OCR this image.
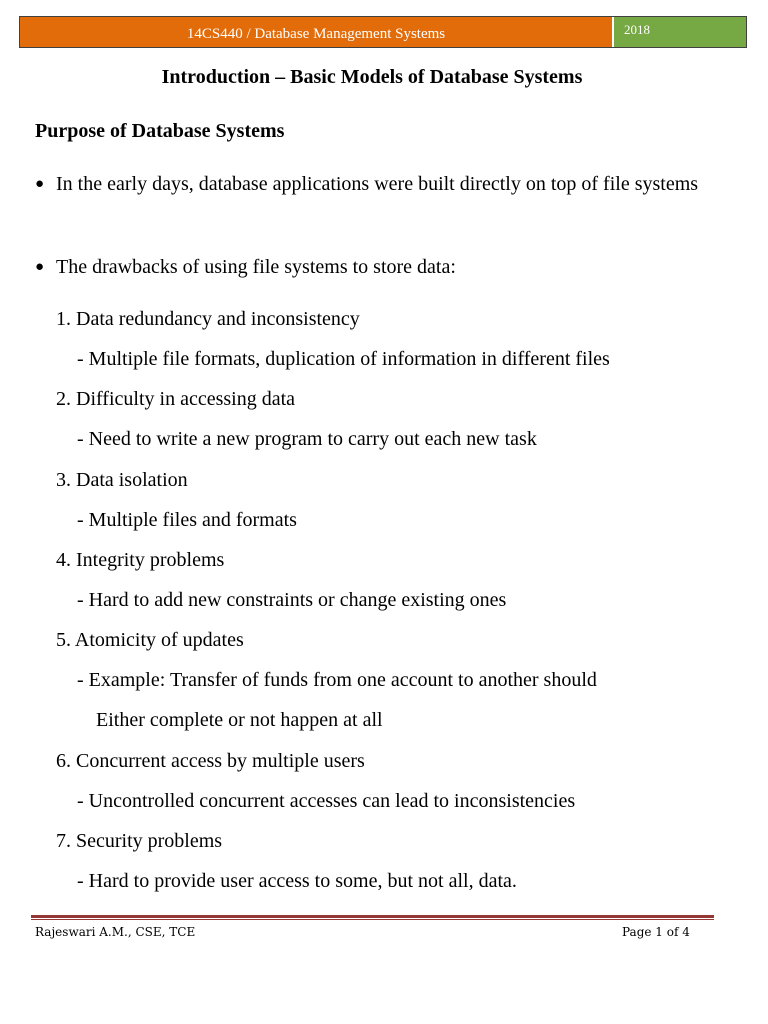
14CS440 / Database Management Systems	2018
Introduction – Basic Models of Database Systems
Purpose of Database Systems
● In the early days, database applications were built directly on top of file systems
● The drawbacks of using file systems to store data:
1. Data redundancy and inconsistency
- Multiple file formats, duplication of information in different files
2. Difficulty in accessing data
- Need to write a new program to carry out each new task
3. Data isolation
- Multiple files and formats
4. Integrity problems
- Hard to add new constraints or change existing ones
5. Atomicity of updates
- Example: Transfer of funds from one account to another should
Either complete or not happen at all
6. Concurrent access by multiple users
- Uncontrolled concurrent accesses can lead to inconsistencies
7. Security problems
- Hard to provide user access to some, but not all, data.
Rajeswari A.M., CSE, TCE	Page 1 of 4
